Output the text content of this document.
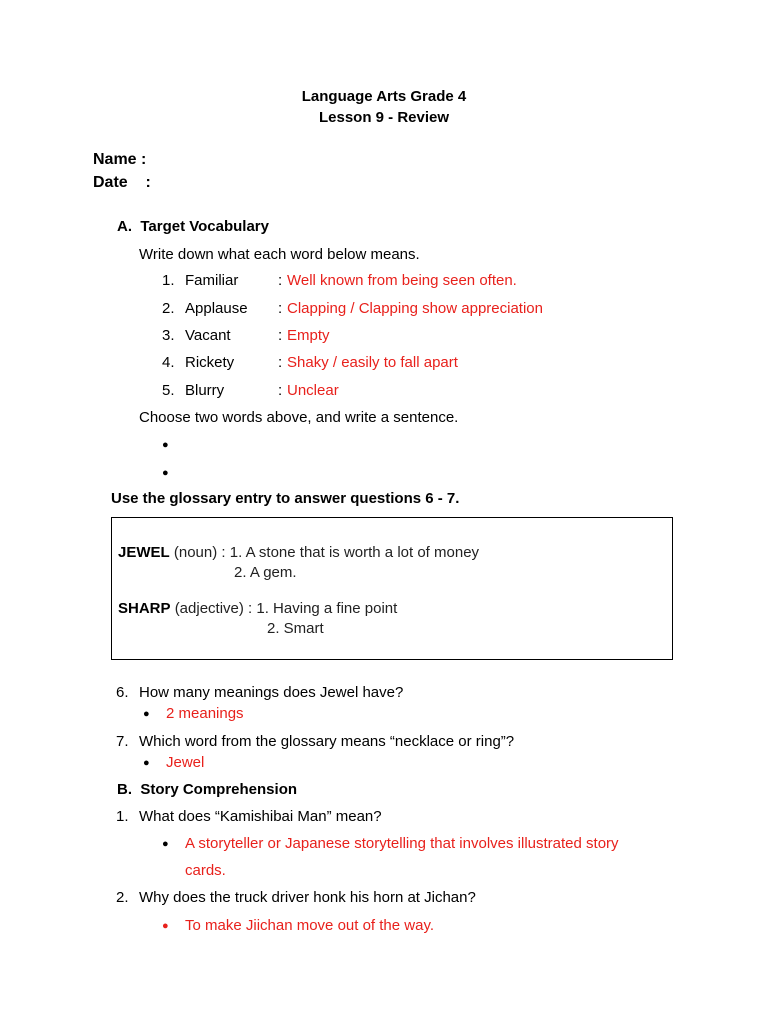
Language Arts Grade 4
Lesson 9 - Review
Name :
Date    :
A.  Target Vocabulary
Write down what each word below means.
1. Familiar	: Well known from being seen often.
2. Applause : Clapping / Clapping show appreciation
3. Vacant	: Empty
4. Rickety	: Shaky / easily to fall apart
5. Blurry	: Unclear
Choose two words above, and write a sentence.
●
●
Use the glossary entry to answer questions 6 - 7.
JEWEL (noun) : 1. A stone that is worth a lot of money
2. A gem.
SHARP (adjective) : 1. Having a fine point
2. Smart
6. How many meanings does Jewel have?
● 2 meanings
7. Which word from the glossary means “necklace or ring”?
● Jewel
B.  Story Comprehension
1. What does “Kamishibai Man” mean?
● A storyteller or Japanese storytelling that involves illustrated story
cards.
2. Why does the truck driver honk his horn at Jichan?
● To make Jiichan move out of the way.
